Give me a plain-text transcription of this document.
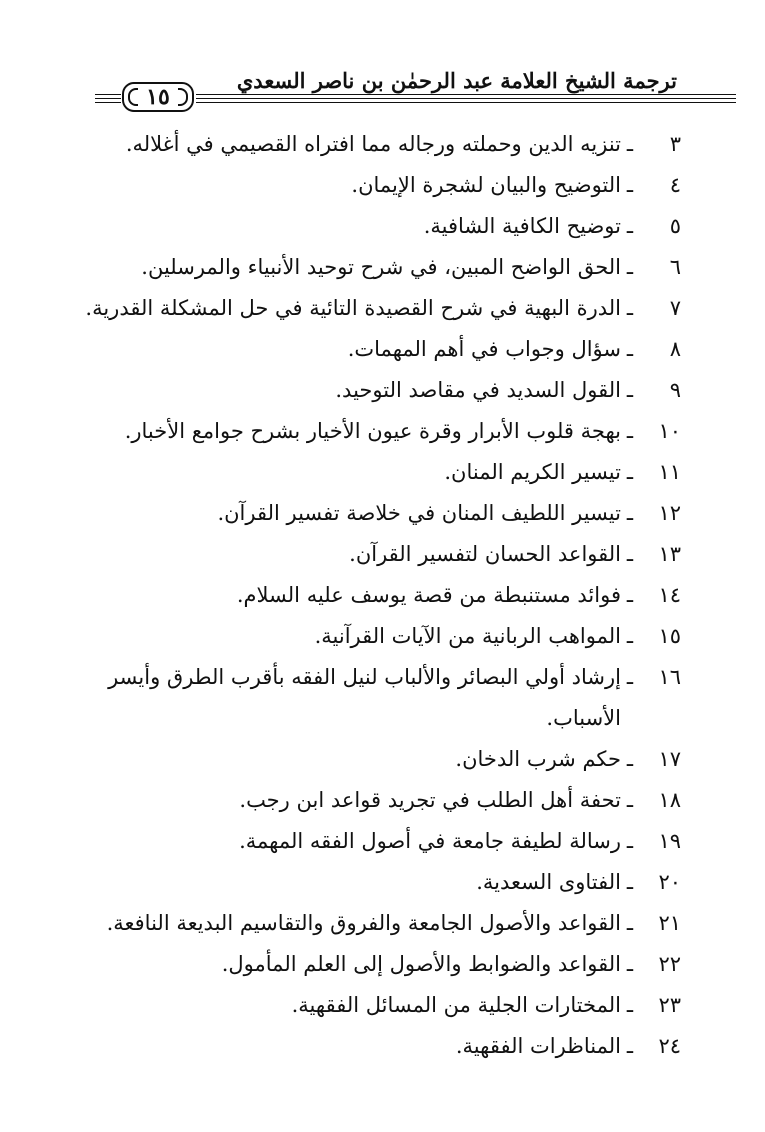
ترجمة الشيخ العلامة عبد الرحمٰن بن ناصر السعدي
١٥
٣
ـ
تنزيه الدين وحملته ورجاله مما افتراه القصيمي في أغلاله.
٤
ـ
التوضيح والبيان لشجرة الإيمان.
٥
ـ
توضيح الكافية الشافية.
٦
ـ
الحق الواضح المبين، في شرح توحيد الأنبياء والمرسلين.
٧
ـ
الدرة البهية في شرح القصيدة التائية في حل المشكلة القدرية.
٨
ـ
سؤال وجواب في أهم المهمات.
٩
ـ
القول السديد في مقاصد التوحيد.
١٠
ـ
بهجة قلوب الأبرار وقرة عيون الأخيار بشرح جوامع الأخبار.
١١
ـ
تيسير الكريم المنان.
١٢
ـ
تيسير اللطيف المنان في خلاصة تفسير القرآن.
١٣
ـ
القواعد الحسان لتفسير القرآن.
١٤
ـ
فوائد مستنبطة من قصة يوسف عليه السلام.
١٥
ـ
المواهب الربانية من الآيات القرآنية.
١٦
ـ
إرشاد أولي البصائر والألباب لنيل الفقه بأقرب الطرق وأيسر الأسباب.
١٧
ـ
حكم شرب الدخان.
١٨
ـ
تحفة أهل الطلب في تجريد قواعد ابن رجب.
١٩
ـ
رسالة لطيفة جامعة في أصول الفقه المهمة.
٢٠
ـ
الفتاوى السعدية.
٢١
ـ
القواعد والأصول الجامعة والفروق والتقاسيم البديعة النافعة.
٢٢
ـ
القواعد والضوابط والأصول إلى العلم المأمول.
٢٣
ـ
المختارات الجلية من المسائل الفقهية.
٢٤
ـ
المناظرات الفقهية.
